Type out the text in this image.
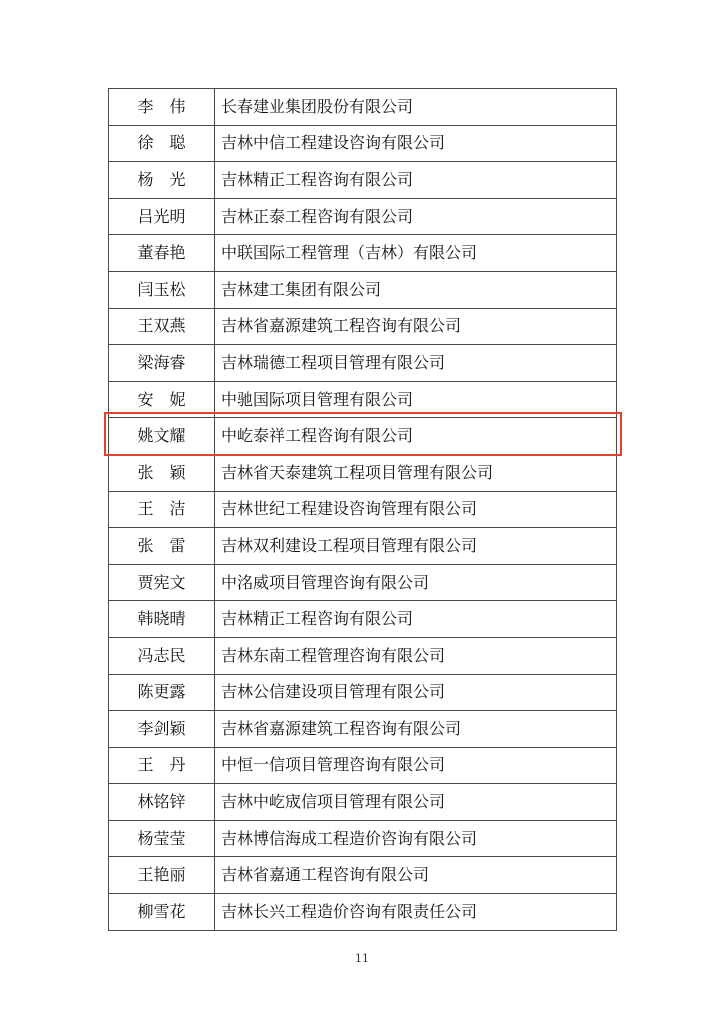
李　伟	长春建业集团股份有限公司
徐　聪	吉林中信工程建设咨询有限公司
杨　光	吉林精正工程咨询有限公司
吕光明	吉林正泰工程咨询有限公司
董春艳	中联国际工程管理（吉林）有限公司
闫玉松	吉林建工集团有限公司
王双燕	吉林省嘉源建筑工程咨询有限公司
梁海睿	吉林瑞德工程项目管理有限公司
安　妮	中驰国际项目管理有限公司
姚文耀	中屹泰祥工程咨询有限公司
张　颖	吉林省天泰建筑工程项目管理有限公司
王　洁	吉林世纪工程建设咨询管理有限公司
张　雷	吉林双利建设工程项目管理有限公司
贾宪文	中洺威项目管理咨询有限公司
韩晓晴	吉林精正工程咨询有限公司
冯志民	吉林东南工程管理咨询有限公司
陈更露	吉林公信建设项目管理有限公司
李剑颖	吉林省嘉源建筑工程咨询有限公司
王　丹	中恒一信项目管理咨询有限公司
林铭锌	吉林中屹宬信项目管理有限公司
杨莹莹	吉林博信海成工程造价咨询有限公司
王艳丽	吉林省嘉通工程咨询有限公司
柳雪花	吉林长兴工程造价咨询有限责任公司
11
